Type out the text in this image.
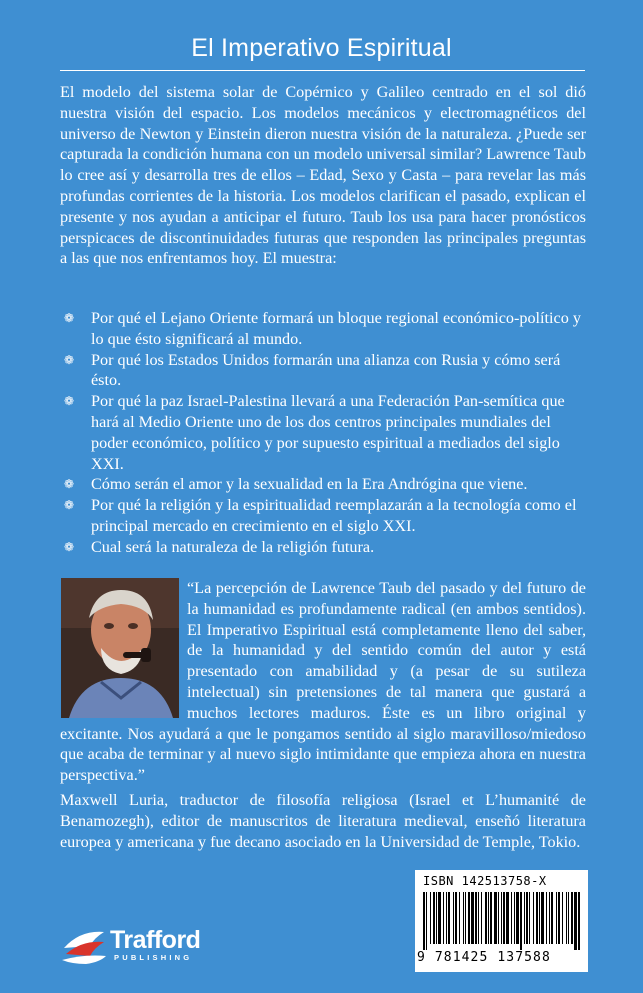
El Imperativo Espiritual
El modelo del sistema solar de Copérnico y Galileo centrado en el sol dió nuestra visión del espacio. Los modelos mecánicos y electromagnéticos del universo de Newton y Einstein dieron nuestra visión de la naturaleza. ¿Puede ser capturada la condición humana con un modelo universal similar? Lawrence Taub lo cree así y desarrolla tres de ellos – Edad, Sexo y Casta – para revelar las más profundas corrientes de la historia. Los modelos clarifican el pasado, explican el presente y nos ayudan a anticipar el futuro. Taub los usa para hacer pronósticos perspicaces de discontinuidades futuras que responden las principales preguntas a las que nos enfrentamos hoy. El muestra:
❁ Por qué el Lejano Oriente formará un bloque regional económico-político y lo que ésto significará al mundo.
❁ Por qué los Estados Unidos formarán una alianza con Rusia y cómo será ésto.
❁ Por qué la paz Israel-Palestina llevará a una Federación Pan-semítica que hará al Medio Oriente uno de los dos centros principales mundiales del poder económico, político y por supuesto espiritual a mediados del siglo XXI.
❁ Cómo serán el amor y la sexualidad en la Era Andrógina que viene.
❁ Por qué la religión y la espiritualidad reemplazarán a la tecnología como el principal mercado en crecimiento en el siglo XXI.
❁ Cual será la naturaleza de la religión futura.
“La percepción de Lawrence Taub del pasado y del futuro de la humanidad es profundamente radical (en ambos sentidos). El Imperativo Espiritual está completamente lleno del saber, de la humanidad y del sentido común del autor y está presentado con amabilidad y (a pesar de su sutileza intelectual) sin pretensiones de tal manera que gustará a muchos lectores maduros. Éste es un libro original y excitante. Nos ayudará a que le pongamos sentido al siglo maravilloso/miedoso que acaba de terminar y al nuevo siglo intimidante que empieza ahora en nuestra perspectiva.”
Maxwell Luria, traductor de filosofía religiosa (Israel et L’humanité de Benamozegh), editor de manuscritos de literatura medieval, enseñó literatura europea y americana y fue decano asociado en la Universidad de Temple, Tokio.
ISBN 142513758-X
9 781425 137588
Trafford
PUBLISHING
